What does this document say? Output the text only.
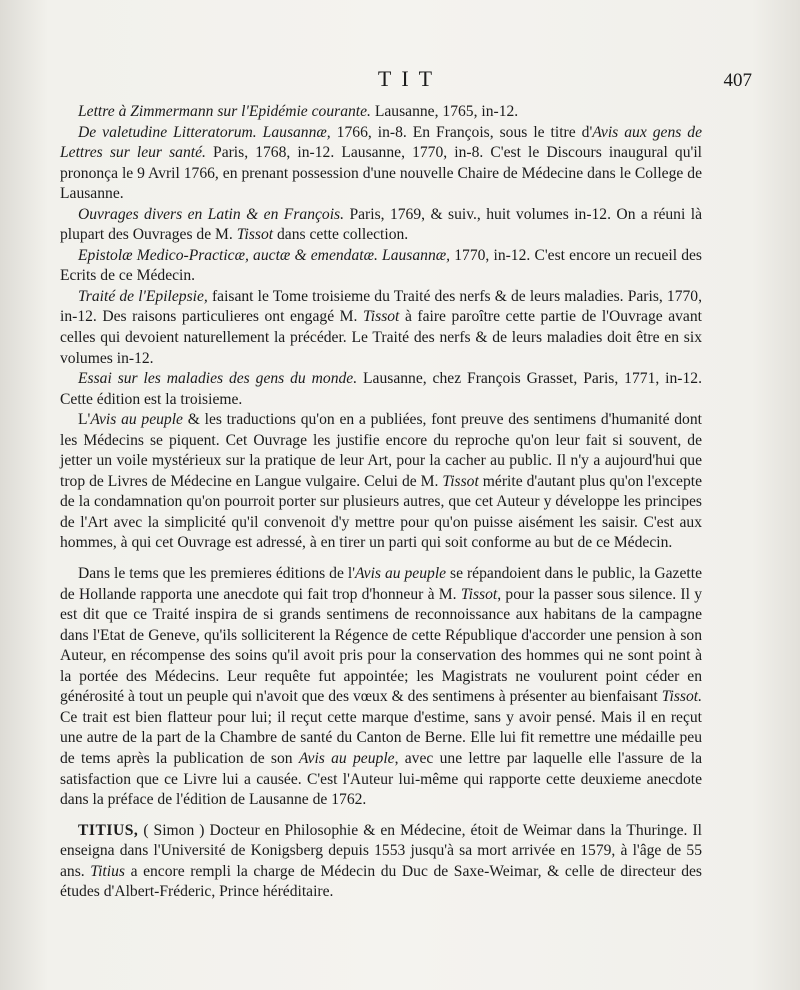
TIT	407

Lettre à Zimmermann sur l'Epidémie courante. Lausanne, 1765, in-12.

De valetudine Litteratorum. Lausannæ, 1766, in-8. En François, sous le titre d'Avis aux gens de Lettres sur leur santé. Paris, 1768, in-12. Lausanne, 1770, in-8. C'est le Discours inaugural qu'il prononça le 9 Avril 1766, en prenant possession d'une nouvelle Chaire de Médecine dans le College de Lausanne.

Ouvrages divers en Latin & en François. Paris, 1769, & suiv., huit volumes in-12. On a réuni là plupart des Ouvrages de M. Tissot dans cette collection.

Epistolæ Medico-Practicæ, auctæ & emendatæ. Lausannæ, 1770, in-12. C'est encore un recueil des Ecrits de ce Médecin.

Traité de l'Epilepsie, faisant le Tome troisieme du Traité des nerfs & de leurs maladies. Paris, 1770, in-12. Des raisons particulieres ont engagé M. Tissot à faire paroître cette partie de l'Ouvrage avant celles qui devoient naturellement la précéder. Le Traité des nerfs & de leurs maladies doit être en six volumes in-12.

Essai sur les maladies des gens du monde. Lausanne, chez François Grasset, Paris, 1771, in-12. Cette édition est la troisieme.

L'Avis au peuple & les traductions qu'on en a publiées, font preuve des sentimens d'humanité dont les Médecins se piquent. Cet Ouvrage les justifie encore du reproche qu'on leur fait si souvent, de jetter un voile mystérieux sur la pratique de leur Art, pour la cacher au public. Il n'y a aujourd'hui que trop de Livres de Médecine en Langue vulgaire. Celui de M. Tissot mérite d'autant plus qu'on l'excepte de la condamnation qu'on pourroit porter sur plusieurs autres, que cet Auteur y développe les principes de l'Art avec la simplicité qu'il convenoit d'y mettre pour qu'on puisse aisément les saisir. C'est aux hommes, à qui cet Ouvrage est adressé, à en tirer un parti qui soit conforme au but de ce Médecin.

Dans le tems que les premieres éditions de l'Avis au peuple se répandoient dans le public, la Gazette de Hollande rapporta une anecdote qui fait trop d'honneur à M. Tissot, pour la passer sous silence. Il y est dit que ce Traité inspira de si grands sentimens de reconnoissance aux habitans de la campagne dans l'Etat de Geneve, qu'ils solliciterent la Régence de cette République d'accorder une pension à son Auteur, en récompense des soins qu'il avoit pris pour la conservation des hommes qui ne sont point à la portée des Médecins. Leur requête fut appointée; les Magistrats ne voulurent point céder en générosité à tout un peuple qui n'avoit que des vœux & des sentimens à présenter au bienfaisant Tissot. Ce trait est bien flatteur pour lui; il reçut cette marque d'estime, sans y avoir pensé. Mais il en reçut une autre de la part de la Chambre de santé du Canton de Berne. Elle lui fit remettre une médaille peu de tems après la publication de son Avis au peuple, avec une lettre par laquelle elle l'assure de la satisfaction que ce Livre lui a causée. C'est l'Auteur lui-même qui rapporte cette deuxieme anecdote dans la préface de l'édition de Lausanne de 1762.

TITIUS, ( Simon ) Docteur en Philosophie & en Médecine, étoit de Weimar dans la Thuringe. Il enseigna dans l'Université de Konigsberg depuis 1553 jusqu'à sa mort arrivée en 1579, à l'âge de 55 ans. Titius a encore rempli la charge de Médecin du Duc de Saxe-Weimar, & celle de directeur des études d'Albert-Fréderic, Prince héréditaire.
